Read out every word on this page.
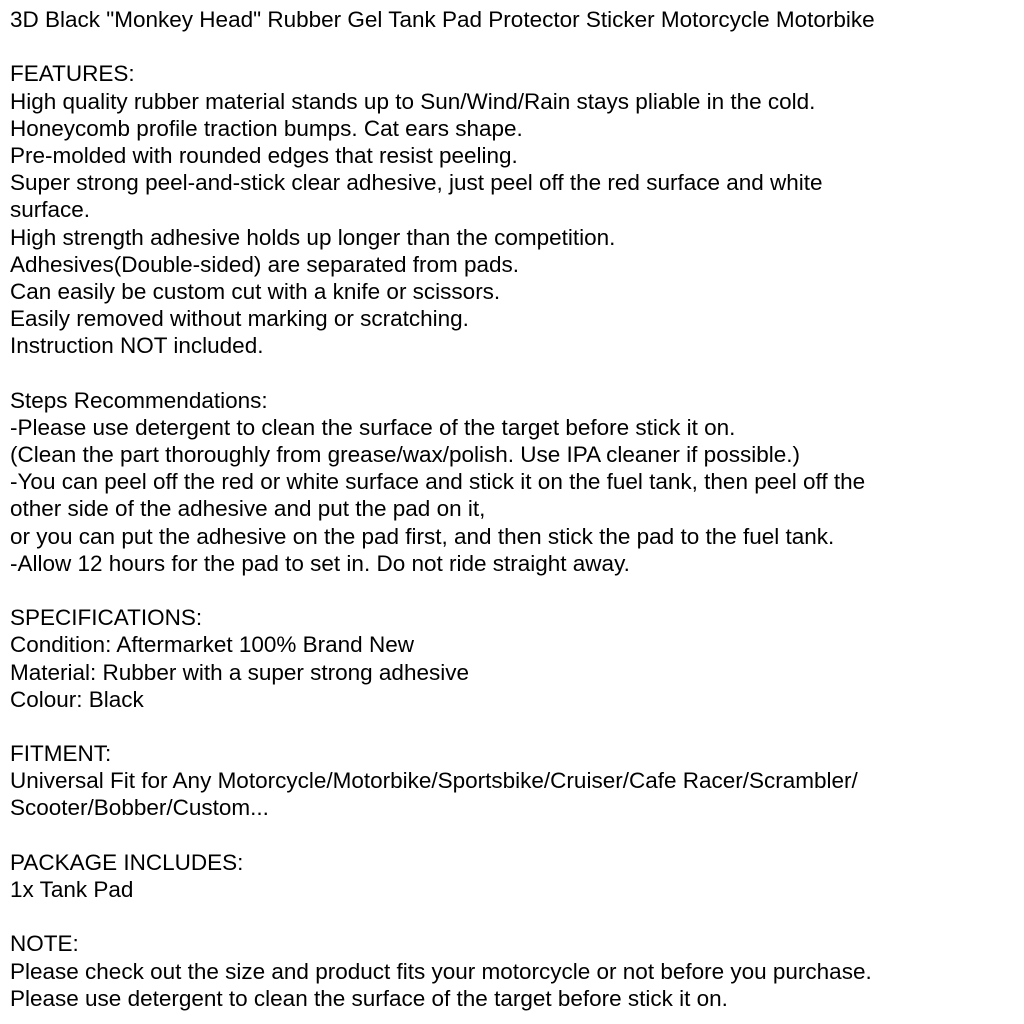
3D Black "Monkey Head" Rubber Gel Tank Pad Protector Sticker Motorcycle Motorbike
FEATURES:
High quality rubber material stands up to Sun/Wind/Rain stays pliable in the cold.
Honeycomb profile traction bumps. Cat ears shape.
Pre-molded with rounded edges that resist peeling.
Super strong peel-and-stick clear adhesive, just peel off the red surface and white
surface.
High strength adhesive holds up longer than the competition.
Adhesives(Double-sided) are separated from pads.
Can easily be custom cut with a knife or scissors.
Easily removed without marking or scratching.
Instruction NOT included.
Steps Recommendations:
-Please use detergent to clean the surface of the target before stick it on.
(Clean the part thoroughly from grease/wax/polish. Use IPA cleaner if possible.)
-You can peel off the red or white surface and stick it on the fuel tank, then peel off the
other side of the adhesive and put the pad on it,
or you can put the adhesive on the pad first, and then stick the pad to the fuel tank.
-Allow 12 hours for the pad to set in. Do not ride straight away.
SPECIFICATIONS:
Condition: Aftermarket 100% Brand New
Material: Rubber with a super strong adhesive
Colour: Black
FITMENT:
Universal Fit for Any Motorcycle/Motorbike/Sportsbike/Cruiser/Cafe Racer/Scrambler/
Scooter/Bobber/Custom...
PACKAGE INCLUDES:
1x Tank Pad
NOTE:
Please check out the size and product fits your motorcycle or not before you purchase.
Please use detergent to clean the surface of the target before stick it on.
